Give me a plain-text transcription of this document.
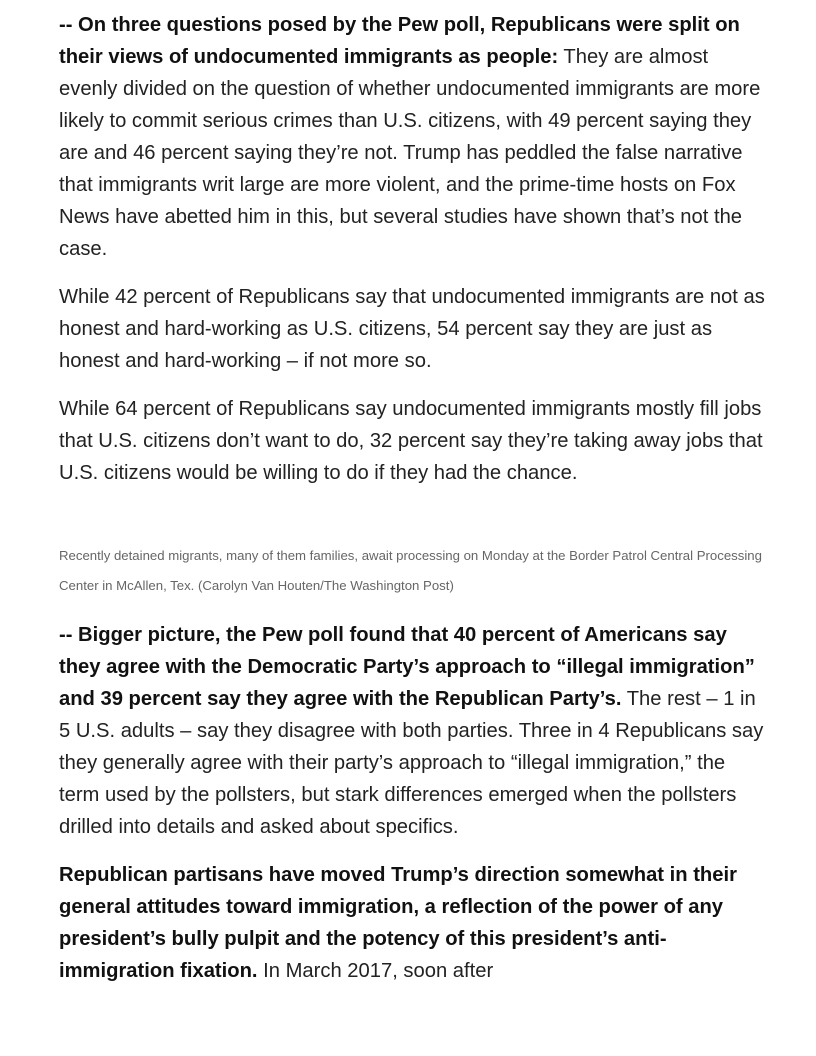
-- On three questions posed by the Pew poll, Republicans were split on their views of undocumented immigrants as people: They are almost evenly divided on the question of whether undocumented immigrants are more likely to commit serious crimes than U.S. citizens, with 49 percent saying they are and 46 percent saying they’re not. Trump has peddled the false narrative that immigrants writ large are more violent, and the prime-time hosts on Fox News have abetted him in this, but several studies have shown that’s not the case.

While 42 percent of Republicans say that undocumented immigrants are not as honest and hard-working as U.S. citizens, 54 percent say they are just as honest and hard-working – if not more so.

While 64 percent of Republicans say undocumented immigrants mostly fill jobs that U.S. citizens don’t want to do, 32 percent say they’re taking away jobs that U.S. citizens would be willing to do if they had the chance.

Recently detained migrants, many of them families, await processing on Monday at the Border Patrol Central Processing Center in McAllen, Tex. (Carolyn Van Houten/The Washington Post)

-- Bigger picture, the Pew poll found that 40 percent of Americans say they agree with the Democratic Party’s approach to “illegal immigration” and 39 percent say they agree with the Republican Party’s. The rest – 1 in 5 U.S. adults – say they disagree with both parties. Three in 4 Republicans say they generally agree with their party’s approach to “illegal immigration,” the term used by the pollsters, but stark differences emerged when the pollsters drilled into details and asked about specifics.

Republican partisans have moved Trump’s direction somewhat in their general attitudes toward immigration, a reflection of the power of any president’s bully pulpit and the potency of this president’s anti-immigration fixation. In March 2017, soon after
